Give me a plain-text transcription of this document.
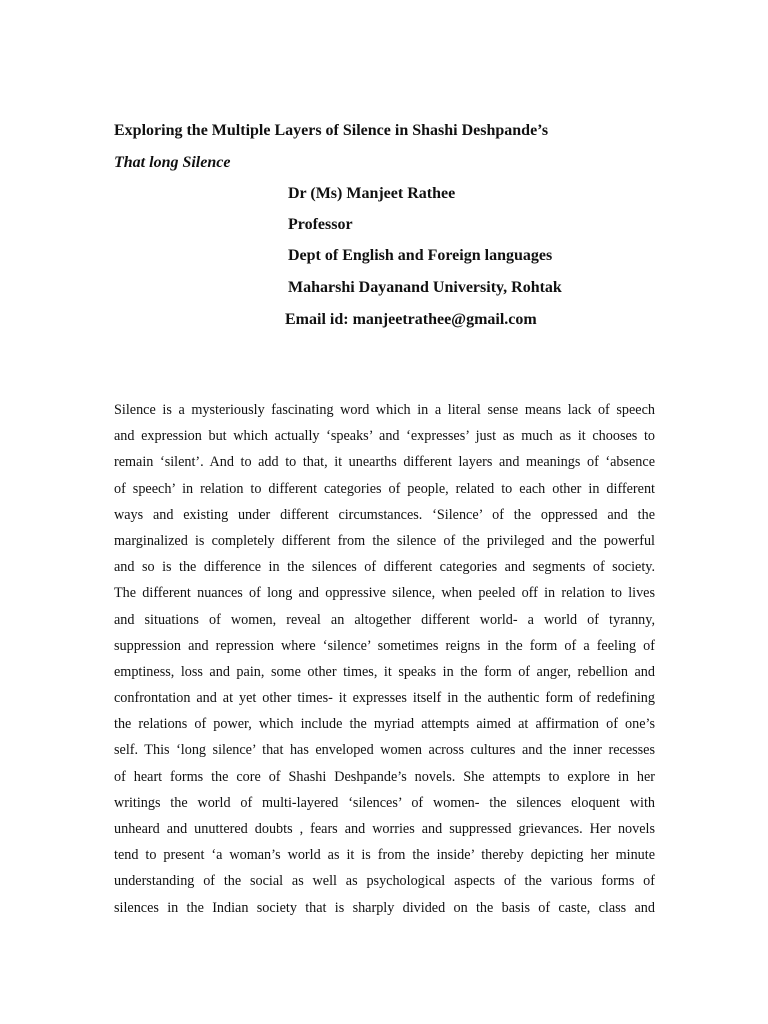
Exploring the Multiple Layers of Silence in Shashi Deshpande’s
That long Silence
Dr (Ms) Manjeet Rathee
Professor
Dept of English and Foreign languages
Maharshi Dayanand University, Rohtak
Email id: manjeetrathee@gmail.com
Silence is a mysteriously fascinating word which in a literal sense means lack of speech
and expression but which actually ‘speaks’ and ‘expresses’ just as much as it chooses to
remain ‘silent’. And to add to that, it unearths different layers and meanings of ‘absence
of speech’ in relation to different categories of people, related to each other in different
ways and existing under different circumstances. ‘Silence’ of the oppressed and the
marginalized is completely different from the silence of the privileged and the powerful
and so is the difference in the silences of different categories and segments of society.
The different nuances of long and oppressive silence, when peeled off in relation to lives
and situations of women, reveal an altogether different world- a world of tyranny,
suppression and repression where ‘silence’ sometimes reigns in the form of a feeling of
emptiness, loss and pain, some other times, it speaks in the form of anger, rebellion and
confrontation and at yet other times- it expresses itself in the authentic form of redefining
the relations of power, which include the myriad attempts aimed at affirmation of one’s
self. This ‘long silence’ that has enveloped women across cultures and the inner recesses
of heart forms the core of Shashi Deshpande’s novels. She attempts to explore in her
writings the world of multi-layered ‘silences’ of women- the silences eloquent with
unheard and unuttered doubts , fears and worries and suppressed grievances. Her novels
tend to present ‘a woman’s world as it is from the inside’ thereby depicting her minute
understanding of the social as well as psychological aspects of the various forms of
silences in the Indian society that is sharply divided on the basis of caste, class and
